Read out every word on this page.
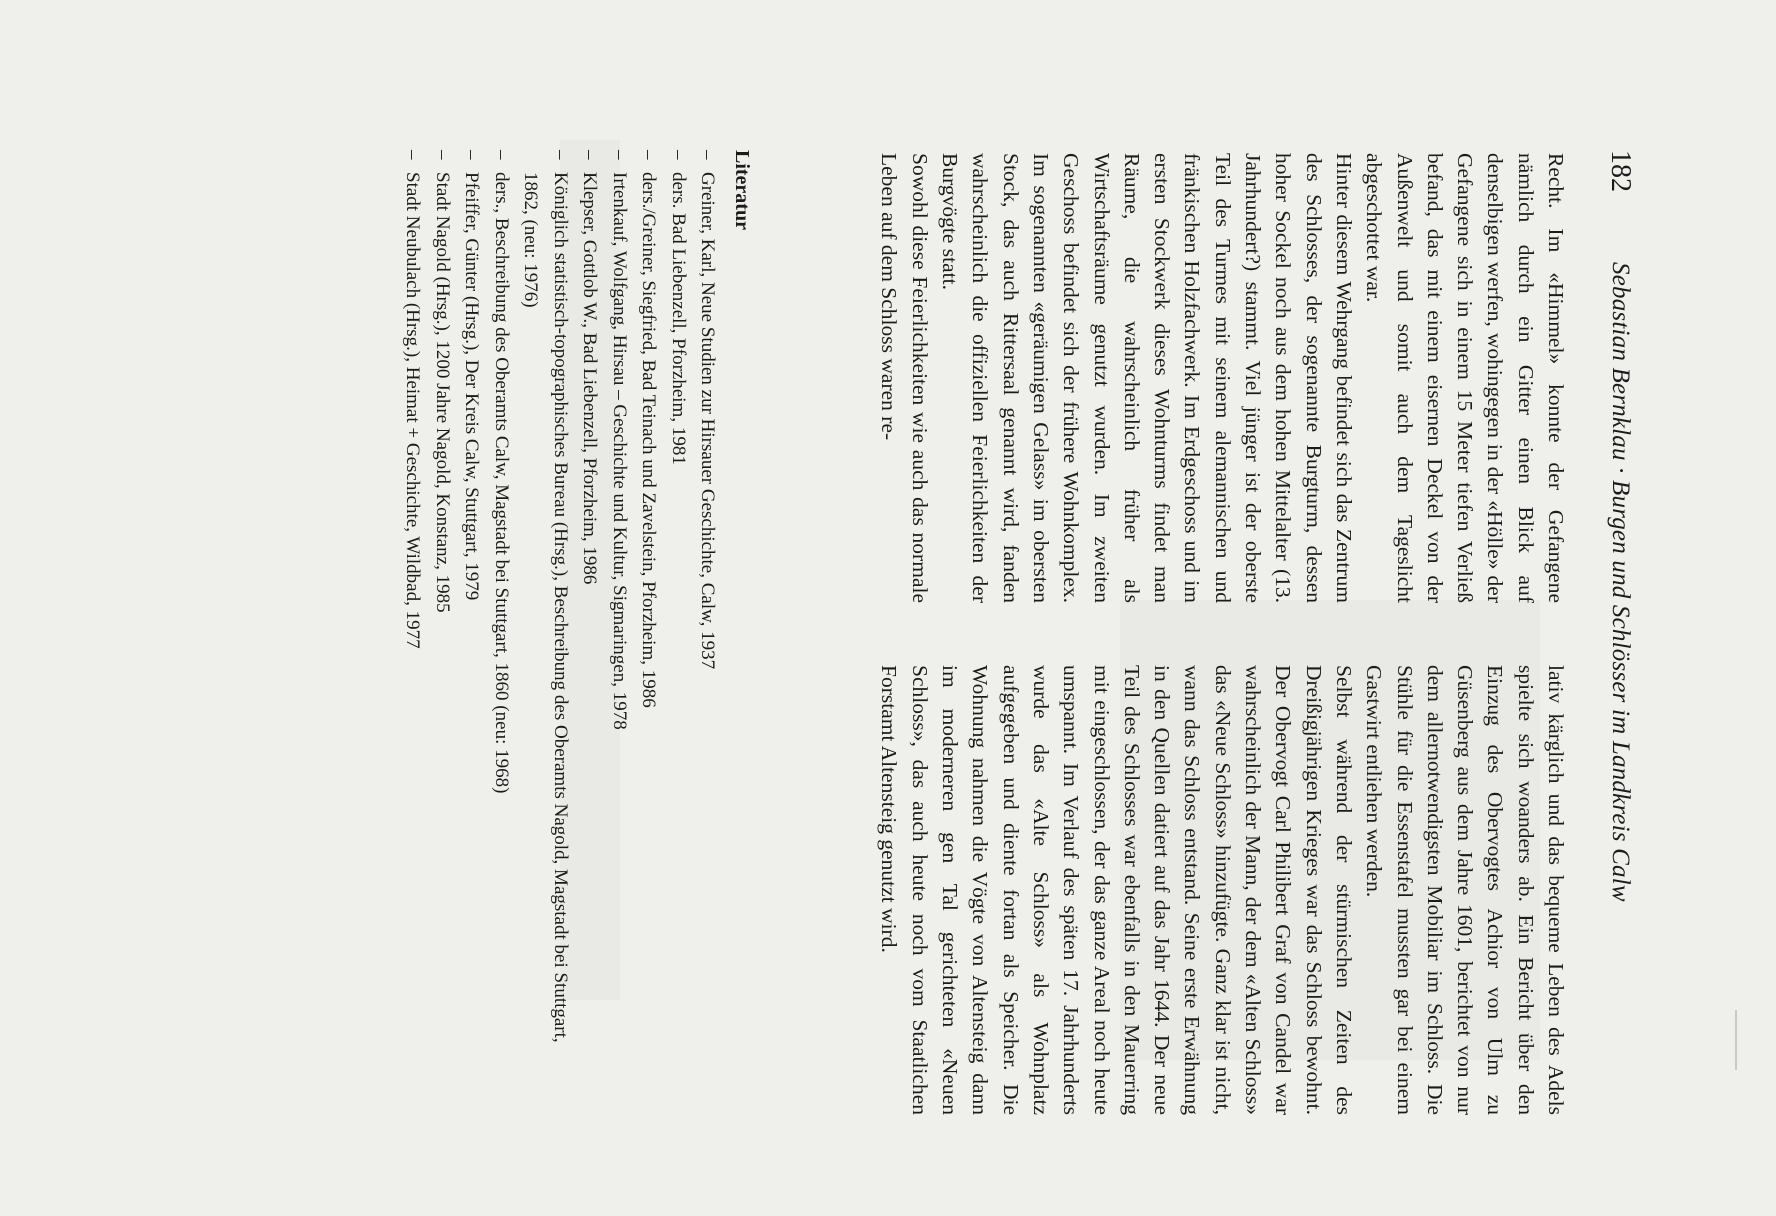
182
Sebastian Bernklau · Burgen und Schlösser im Landkreis Calw

Recht. Im «Himmel» konnte der Gefangene nämlich durch ein Gitter einen Blick auf denselbigen werfen, wohingegen in der «Hölle» der Gefangene sich in einem 15 Meter tiefen Verließ befand, das mit einem eisernen Deckel von der Außenwelt und somit auch dem Tageslicht abgeschottet war.

Hinter diesem Wehrgang befindet sich das Zentrum des Schlosses, der sogenannte Burgturm, dessen hoher Sockel noch aus dem hohen Mittelalter (13. Jahrhundert?) stammt. Viel jünger ist der oberste Teil des Turmes mit seinem alemannischen und fränkischen Holzfachwerk. Im Erdgeschoss und im ersten Stockwerk dieses Wohnturms findet man Räume, die wahrscheinlich früher als Wirtschaftsräume genutzt wurden. Im zweiten Geschoss befindet sich der frühere Wohnkomplex. Im sogenannten «geräumigen Gelass» im obersten Stock, das auch Rittersaal genannt wird, fanden wahrscheinlich die offiziellen Feierlichkeiten der Burgvögte statt.

Sowohl diese Feierlichkeiten wie auch das normale Leben auf dem Schloss waren re-

lativ kärglich und das bequeme Leben des Adels spielte sich woanders ab. Ein Bericht über den Einzug des Obervogtes Achior von Ulm zu Güsenberg aus dem Jahre 1601, berichtet von nur dem allernotwendigsten Mobiliar im Schloss. Die Stühle für die Essenstafel mussten gar bei einem Gastwirt entliehen werden.

Selbst während der stürmischen Zeiten des Dreißigjährigen Krieges war das Schloss bewohnt. Der Obervogt Carl Philibert Graf von Candel war wahrscheinlich der Mann, der dem «Alten Schloss» das «Neue Schloss» hinzufügte. Ganz klar ist nicht, wann das Schloss entstand. Seine erste Erwähnung in den Quellen datiert auf das Jahr 1644. Der neue Teil des Schlosses war ebenfalls in den Mauerring mit eingeschlossen, der das ganze Areal noch heute umspannt. Im Verlauf des späten 17. Jahrhunderts wurde das «Alte Schloss» als Wohnplatz aufgegeben und diente fortan als Speicher. Die Wohnung nahmen die Vögte von Altensteig dann im moderneren gen Tal gerichteten «Neuen Schloss», das auch heute noch vom Staatlichen Forstamt Altensteig genutzt wird.

Literatur
–
Greiner, Karl, Neue Studien zur Hirsauer Geschichte, Calw, 1937
–
ders. Bad Liebenzell, Pforzheim, 1981
–
ders./Greiner, Siegfried, Bad Teinach und Zavelstein, Pforzheim, 1986
–
Irtenkauf, Wolfgang, Hirsau – Geschichte und Kultur, Sigmaringen, 1978
–
Klepser, Gottlob W., Bad Liebenzell, Pforzheim, 1986
–
Königlich statistisch-topographisches Bureau (Hrsg.), Beschreibung des Oberamts Nagold, Magstadt bei Stuttgart, 1862, (neu: 1976)
–
ders., Beschreibung des Oberamts Calw, Magstadt bei Stuttgart, 1860 (neu: 1968)
–
Pfeiffer, Günter (Hrsg.), Der Kreis Calw, Stuttgart, 1979
–
Stadt Nagold (Hrsg.), 1200 Jahre Nagold, Konstanz, 1985
–
Stadt Neubulach (Hrsg.), Heimat + Geschichte, Wildbad, 1977
